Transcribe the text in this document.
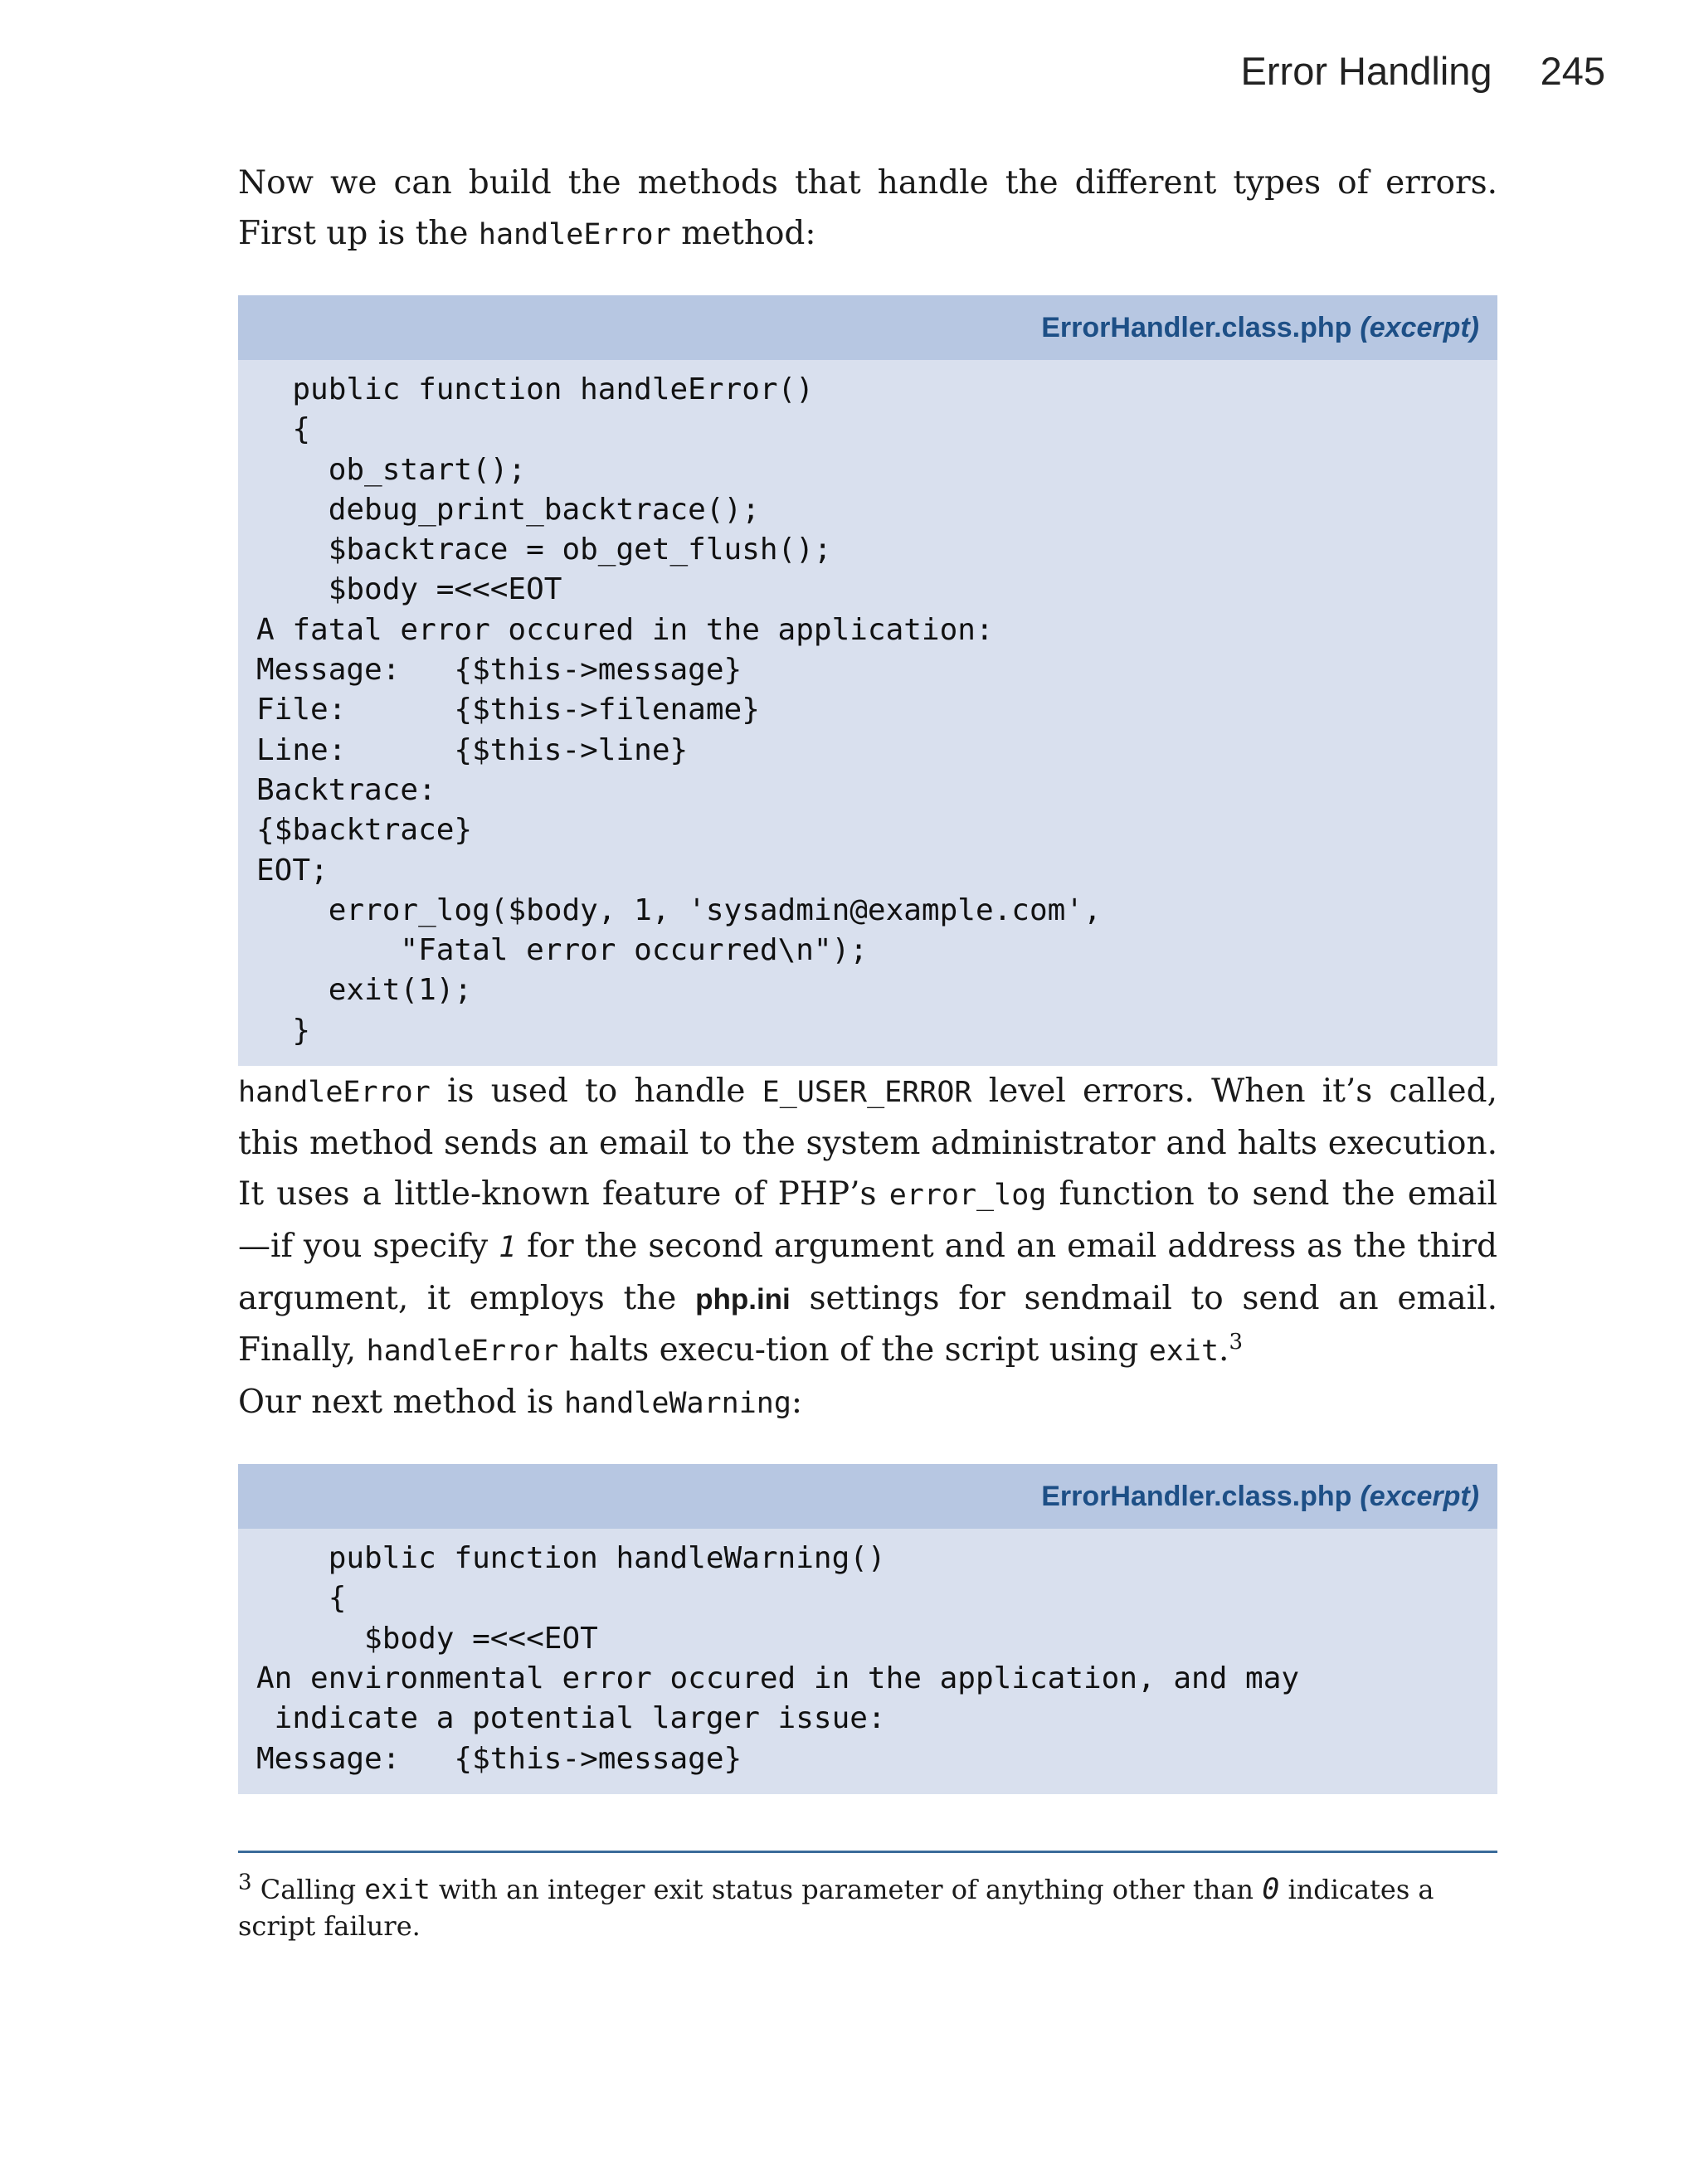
Error Handling 245

Now we can build the methods that handle the different types of errors. First up is the handleError method:

ErrorHandler.class.php (excerpt)
public function handleError()
{
ob_start();
debug_print_backtrace();
$backtrace = ob_get_flush();
$body =<<<EOT
A fatal error occured in the application:
Message:   {$this->message}
File:      {$this->filename}
Line:      {$this->line}
Backtrace:
{$backtrace}
EOT;
error_log($body, 1, 'sysadmin@example.com',
"Fatal error occurred\n");
exit(1);
}

handleError is used to handle E_USER_ERROR level errors. When it’s called, this method sends an email to the system administrator and halts execution. It uses a little-known feature of PHP’s error_log function to send the email—if you specify 1 for the second argument and an email address as the third argument, it employs the php.ini settings for sendmail to send an email. Finally, handleError halts execu-tion of the script using exit.$^3$

Our next method is handleWarning:

ErrorHandler.class.php (excerpt)
public function handleWarning()
{
$body =<<<EOT
An environmental error occured in the application, and may
indicate a potential larger issue:
Message:   {$this->message}

$^3$ Calling exit with an integer exit status parameter of anything other than 0 indicates a script failure.
